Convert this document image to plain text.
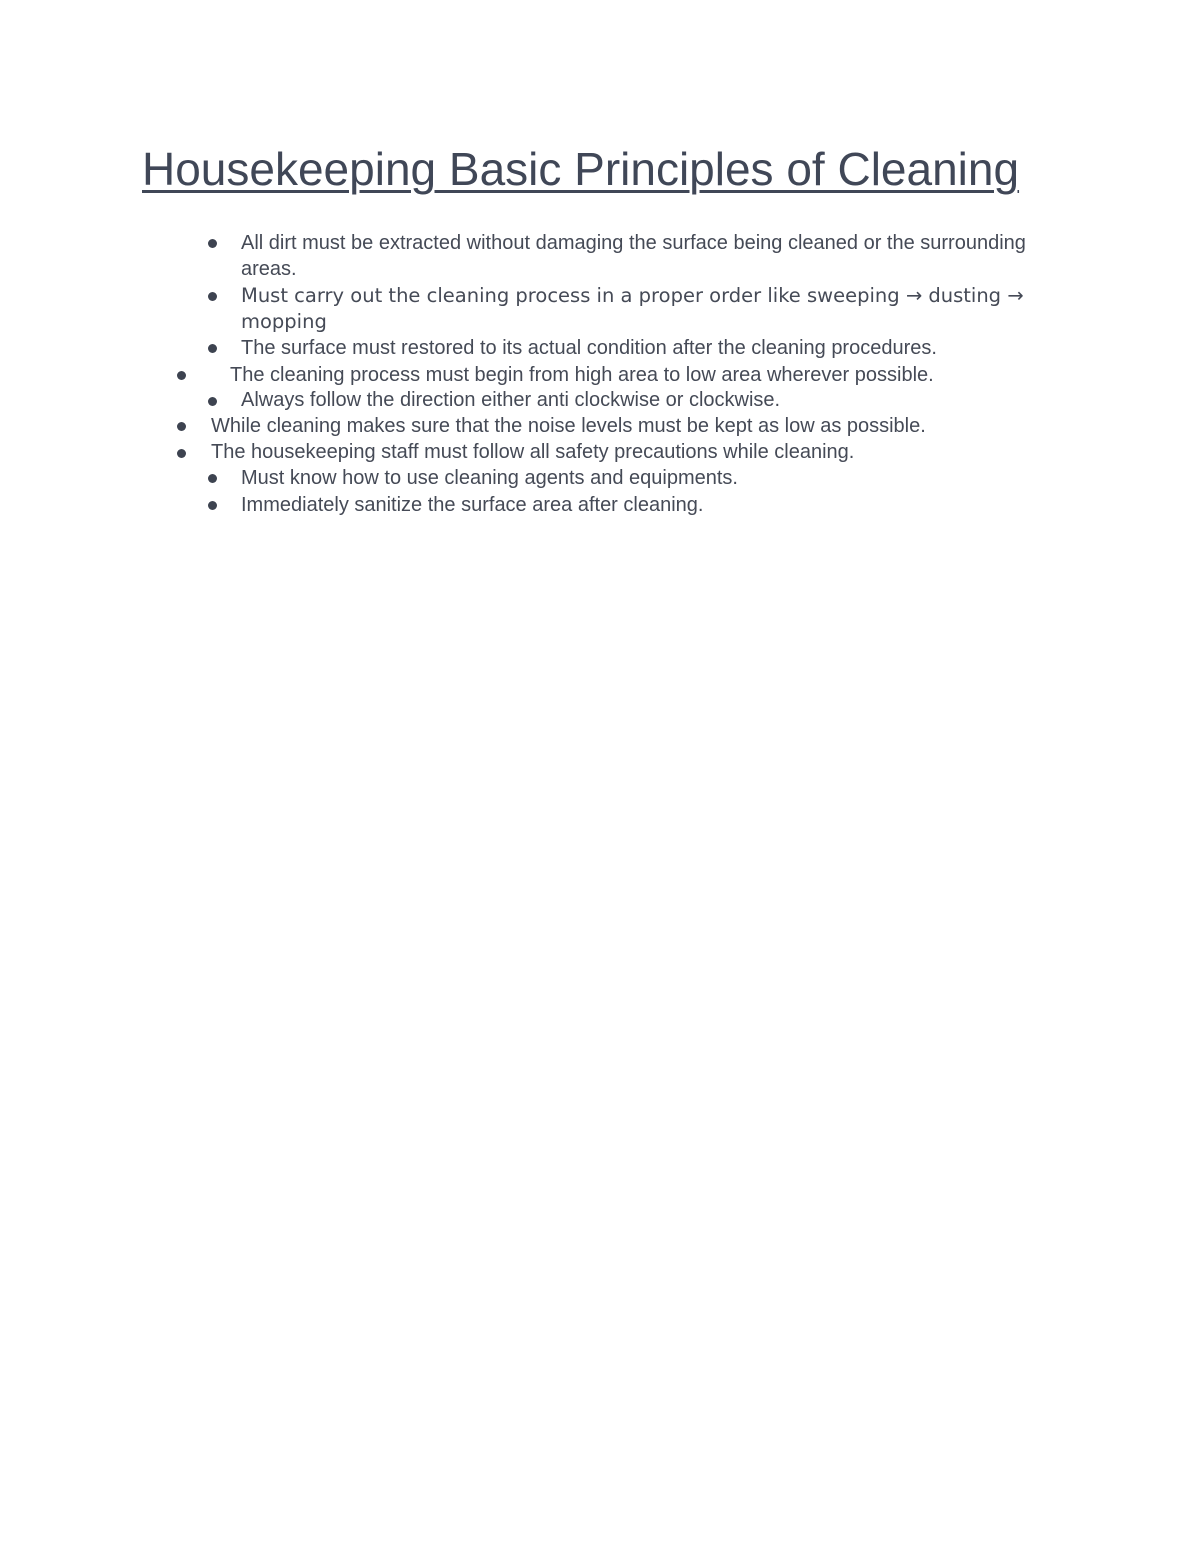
Housekeeping Basic Principles of Cleaning
All dirt must be extracted without damaging the surface being cleaned or the surrounding areas.
Must carry out the cleaning process in a proper order like sweeping → dusting → mopping
The surface must restored to its actual condition after the cleaning procedures.
The cleaning process must begin from high area to low area wherever possible.
Always follow the direction either anti clockwise or clockwise.
While cleaning makes sure that the noise levels must be kept as low as possible.
The housekeeping staff must follow all safety precautions while cleaning.
Must know how to use cleaning agents and equipments.
Immediately sanitize the surface area after cleaning.
